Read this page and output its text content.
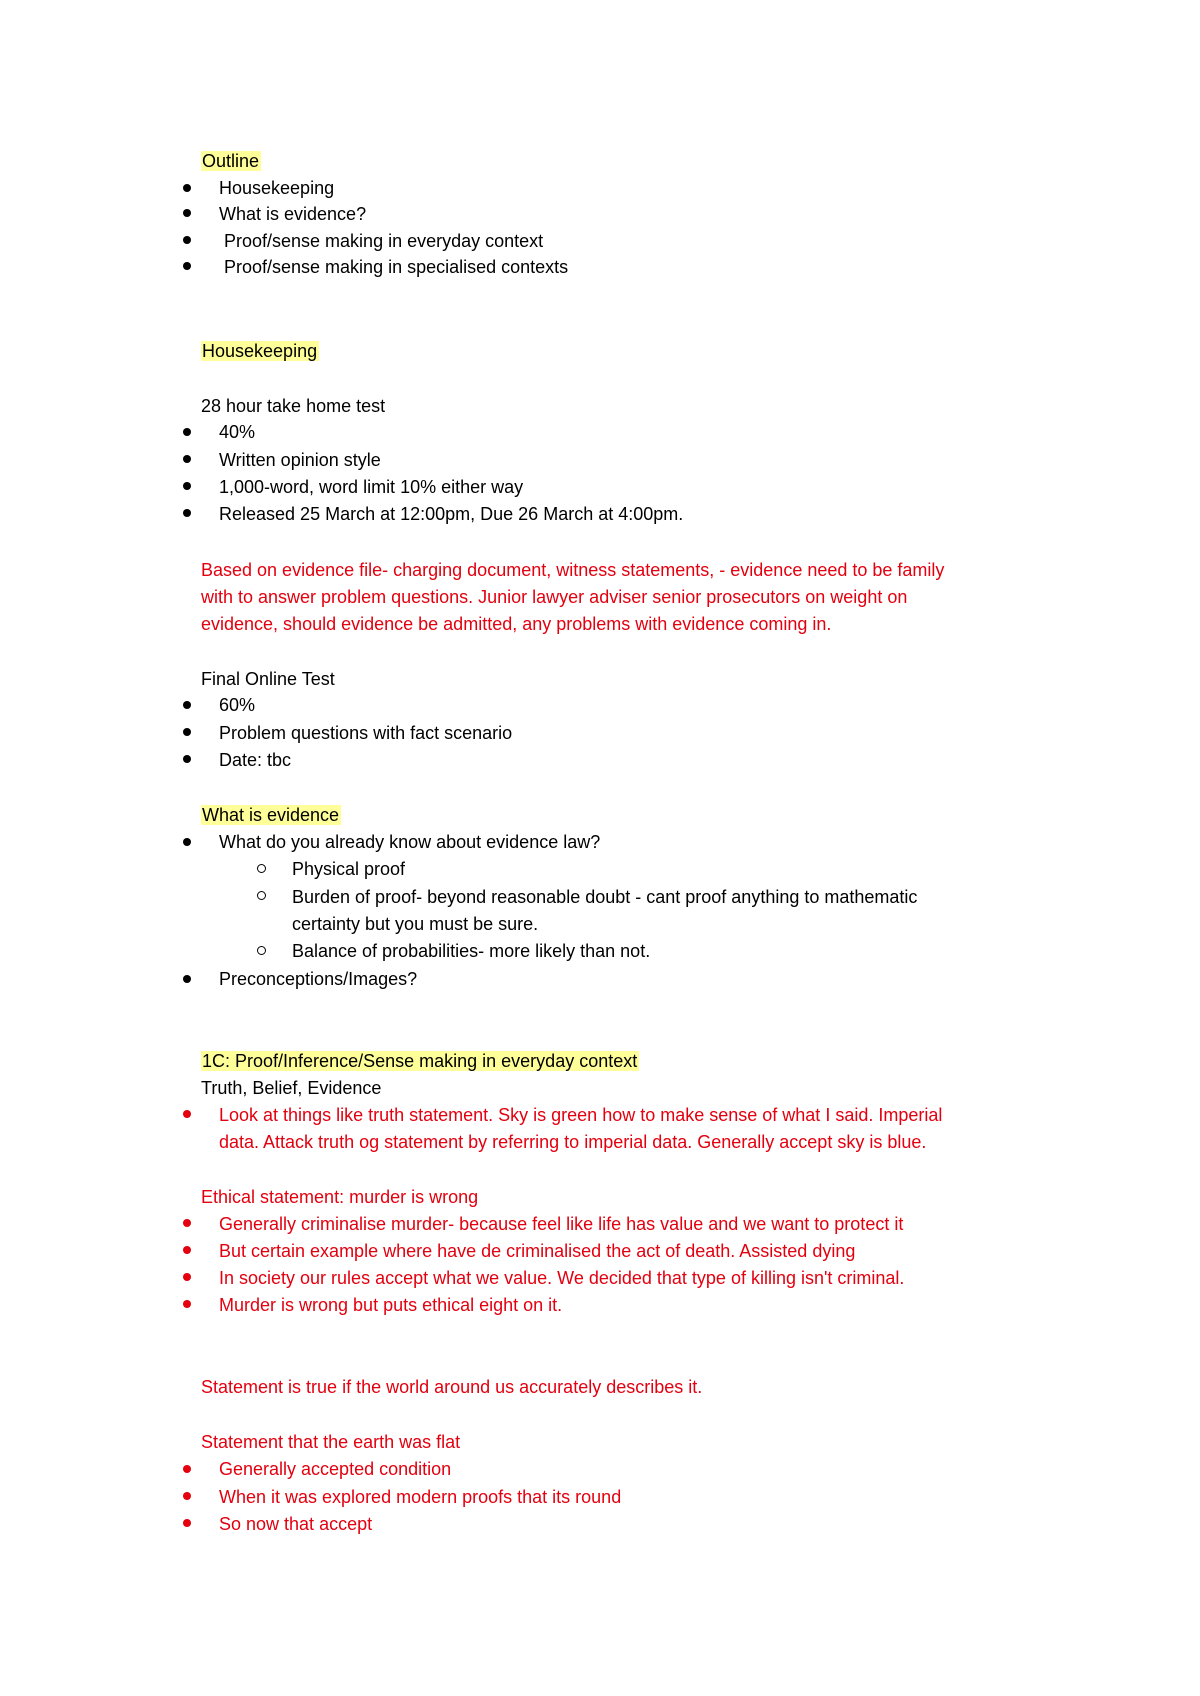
Outline
Housekeeping
What is evidence?
Proof/sense making in everyday context
Proof/sense making in specialised contexts
Housekeeping
28 hour take home test
40%
Written opinion style
1,000-word, word limit 10% either way
Released 25 March at 12:00pm, Due 26 March at 4:00pm.
Based on evidence file- charging document, witness statements, - evidence need to be family
with to answer problem questions. Junior lawyer adviser senior prosecutors on weight on
evidence, should evidence be admitted, any problems with evidence coming in.
Final Online Test
60%
Problem questions with fact scenario
Date: tbc
What is evidence
What do you already know about evidence law?
Physical proof
Burden of proof- beyond reasonable doubt - cant proof anything to mathematic
certainty but you must be sure.
Balance of probabilities- more likely than not.
Preconceptions/Images?
1C: Proof/Inference/Sense making in everyday context
Truth, Belief, Evidence
Look at things like truth statement. Sky is green how to make sense of what I said. Imperial
data. Attack truth og statement by referring to imperial data. Generally accept sky is blue.
Ethical statement: murder is wrong
Generally criminalise murder- because feel like life has value and we want to protect it
But certain example where have de criminalised the act of death. Assisted dying
In society our rules accept what we value. We decided that type of killing isn't criminal.
Murder is wrong but puts ethical eight on it.
Statement is true if the world around us accurately describes it.
Statement that the earth was flat
Generally accepted condition
When it was explored modern proofs that its round
So now that accept
